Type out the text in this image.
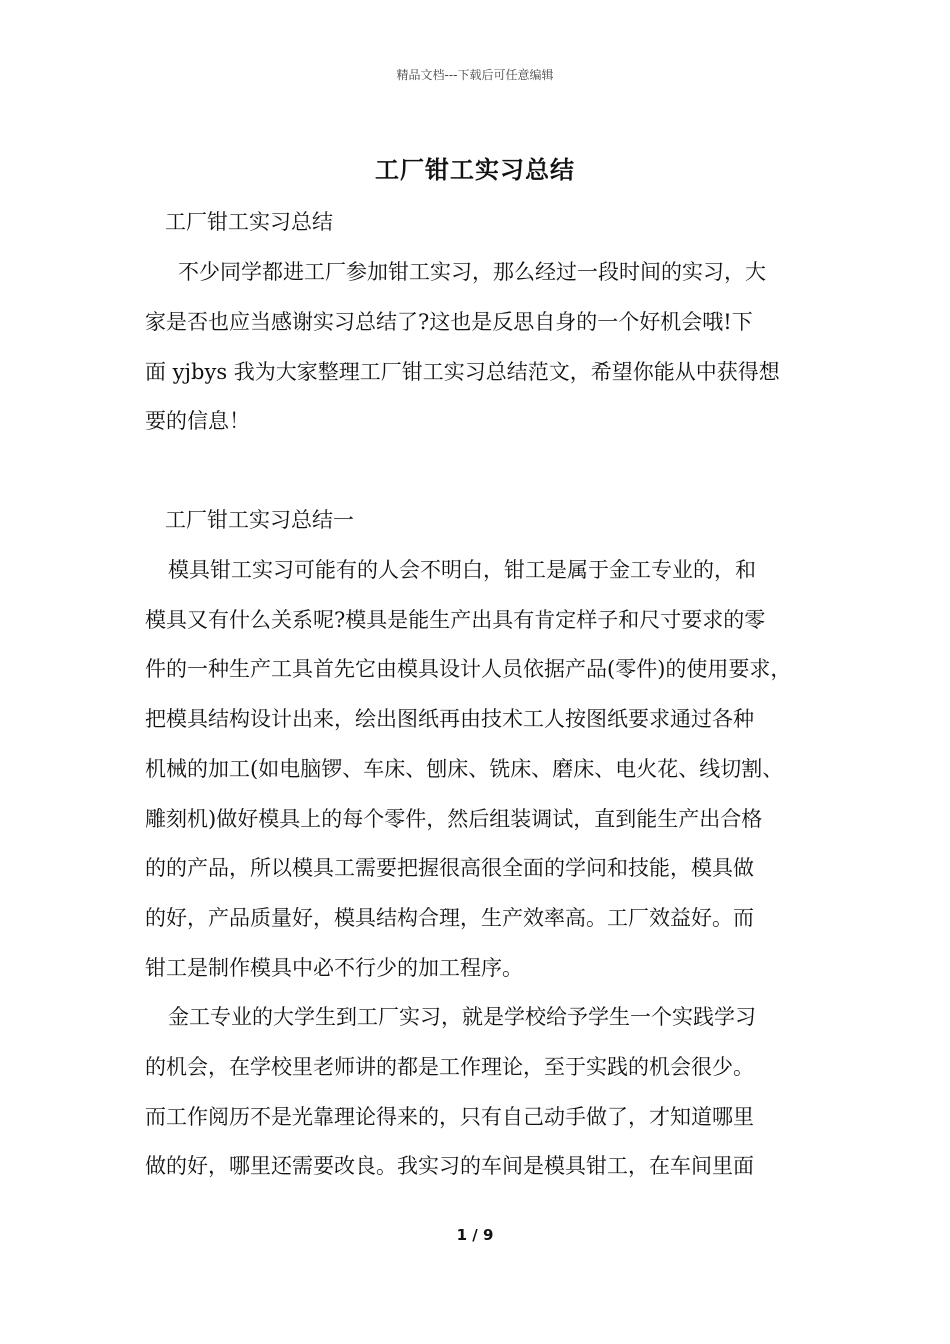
精品文档---下载后可任意编辑
工厂钳工实习总结
工厂钳工实习总结
不少同学都进工厂参加钳工实习，那么经过一段时间的实习，大
家是否也应当感谢实习总结了?这也是反思自身的一个好机会哦!下
面 yjbys 我为大家整理工厂钳工实习总结范文，希望你能从中获得想
要的信息！
工厂钳工实习总结一
模具钳工实习可能有的人会不明白，钳工是属于金工专业的，和
模具又有什么关系呢?模具是能生产出具有肯定样子和尺寸要求的零
件的一种生产工具首先它由模具设计人员依据产品(零件)的使用要求，
把模具结构设计出来，绘出图纸再由技术工人按图纸要求通过各种
机械的加工(如电脑锣、车床、刨床、铣床、磨床、电火花、线切割、
雕刻机)做好模具上的每个零件，然后组装调试，直到能生产出合格
的的产品，所以模具工需要把握很高很全面的学问和技能，模具做
的好，产品质量好，模具结构合理，生产效率高。工厂效益好。而
钳工是制作模具中必不行少的加工程序。
金工专业的大学生到工厂实习，就是学校给予学生一个实践学习
的机会，在学校里老师讲的都是工作理论，至于实践的机会很少。
而工作阅历不是光靠理论得来的，只有自己动手做了，才知道哪里
做的好，哪里还需要改良。我实习的车间是模具钳工，在车间里面
1 / 9
